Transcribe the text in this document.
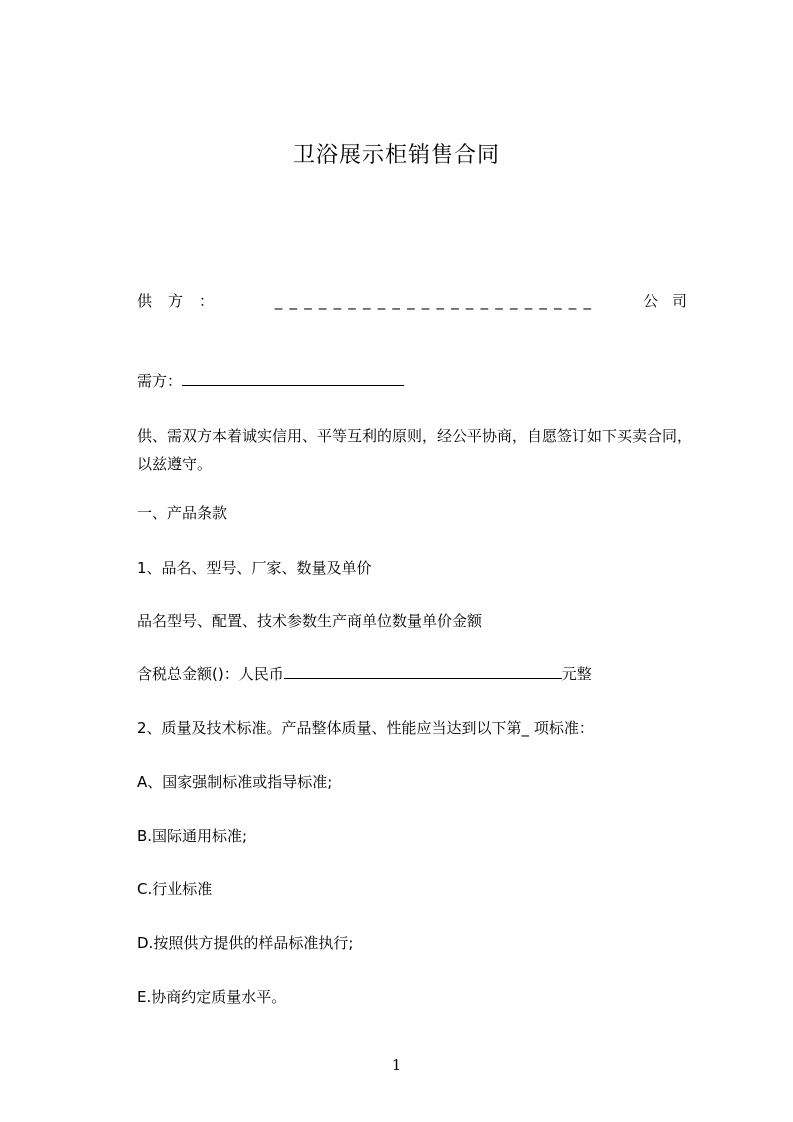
卫浴展示柜销售合同
供方：	______________________	公司
需方：
供、需双方本着诚实信用、平等互利的原则，经公平协商，自愿签订如下买卖合同，以兹遵守。
一、产品条款
1、品名、型号、厂家、数量及单价
品名型号、配置、技术参数生产商单位数量单价金额
含税总金额()：人民币	元整
2、质量及技术标准。产品整体质量、性能应当达到以下第_ 项标准：
A、国家强制标准或指导标准;
B.国际通用标准;
C.行业标准
D.按照供方提供的样品标准执行;
E.协商约定质量水平。
1
